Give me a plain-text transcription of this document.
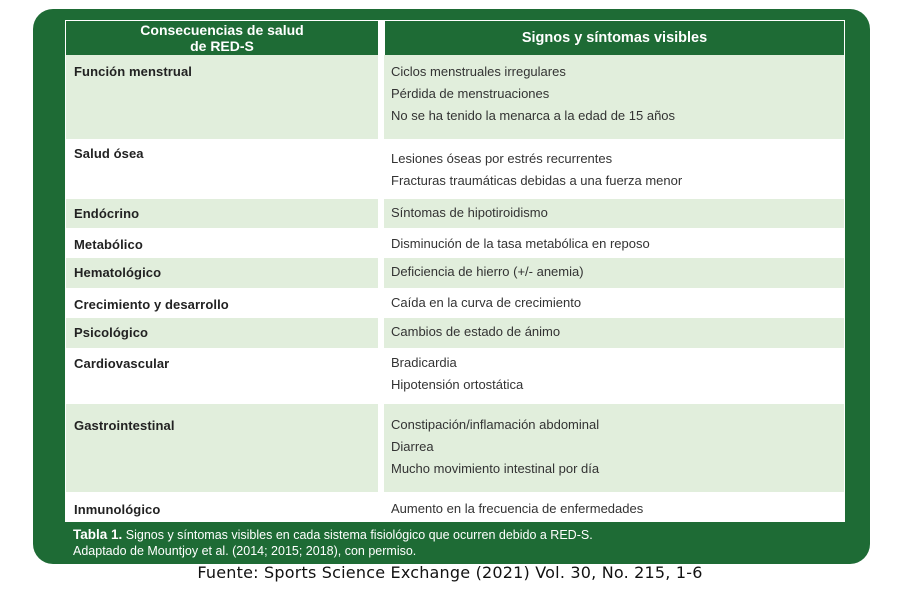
Consecuencias de salud
de RED-S	Signos y síntomas visibles
Función menstrual	Ciclos menstruales irregulares
Pérdida de menstruaciones
No se ha tenido la menarca a la edad de 15 años
Salud ósea	Lesiones óseas por estrés recurrentes
Fracturas traumáticas debidas a una fuerza menor
Endócrino	Síntomas de hipotiroidismo
Metabólico	Disminución de la tasa metabólica en reposo
Hematológico	Deficiencia de hierro (+/- anemia)
Crecimiento y desarrollo	Caída en la curva de crecimiento
Psicológico	Cambios de estado de ánimo
Cardiovascular	Bradicardia
Hipotensión ortostática
Gastrointestinal	Constipación/inflamación abdominal
Diarrea
Mucho movimiento intestinal por día
Inmunológico	Aumento en la frecuencia de enfermedades
Tabla 1. Signos y síntomas visibles en cada sistema fisiológico que ocurren debido a RED-S.
Adaptado de Mountjoy et al. (2014; 2015; 2018), con permiso.
Fuente: Sports Science Exchange (2021) Vol. 30, No. 215, 1-6
